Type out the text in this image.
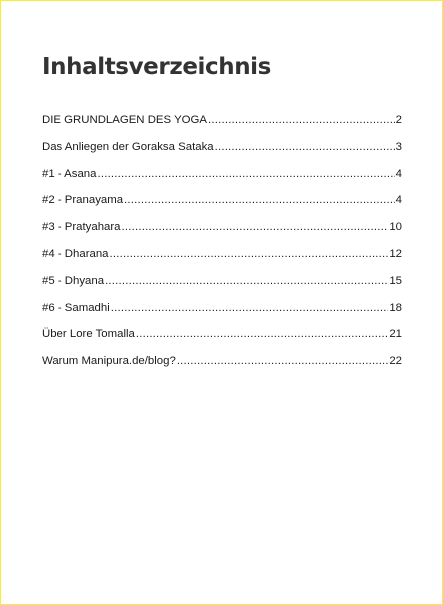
Inhaltsverzeichnis
DIE GRUNDLAGEN DES YOGA .....	2
Das Anliegen der Goraksa Sataka .....	3
#1 - Asana .....	4
#2 - Pranayama .....	4
#3 - Pratyahara .....	10
#4 - Dharana .....	12
#5 - Dhyana .....	15
#6 - Samadhi .....	18
Über Lore Tomalla .....	21
Warum Manipura.de/blog? .....	22
